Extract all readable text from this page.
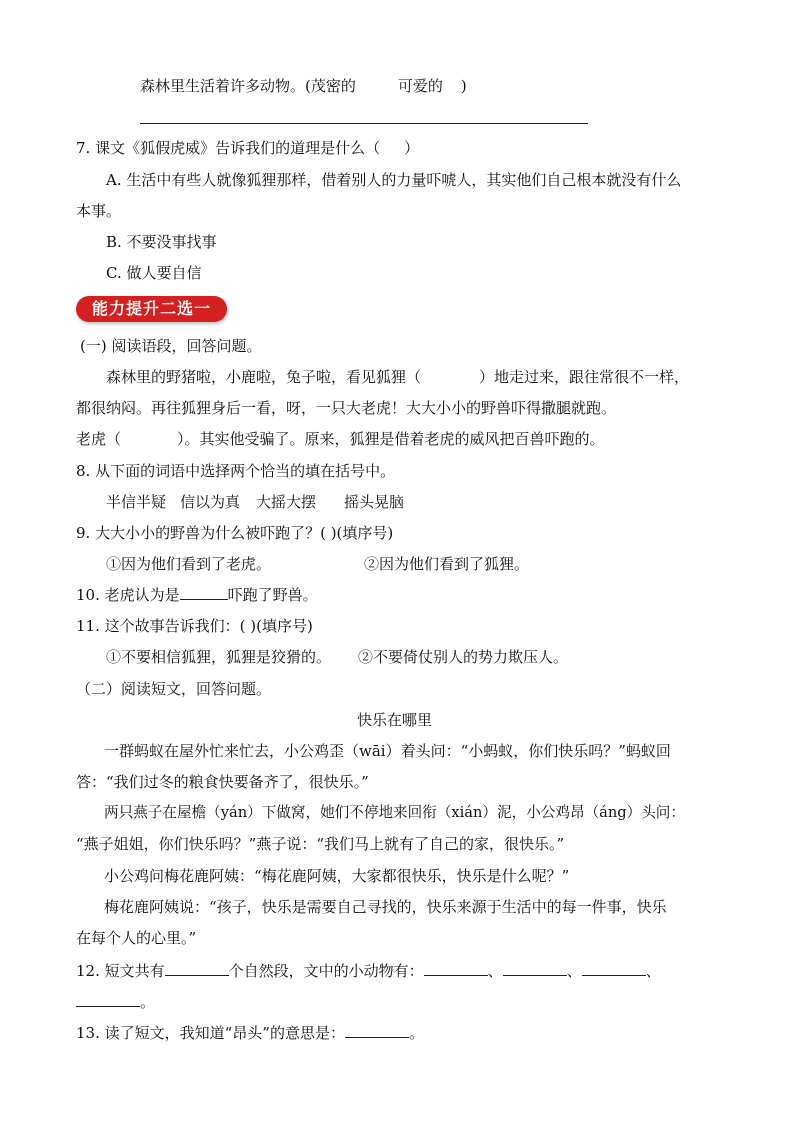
森林里生活着许多动物。(茂密的	可爱的 )
7. 课文《狐假虎威》告诉我们的道理是什么（ ）
A. 生活中有些人就像狐狸那样，借着别人的力量吓唬人，其实他们自己根本就没有什么
本事。
B. 不要没事找事
C. 做人要自信
能力提升二选一
(一) 阅读语段，回答问题。
森林里的野猪啦，小鹿啦，兔子啦，看见狐狸（	）地走过来，跟往常很不一样，
都很纳闷。再往狐狸身后一看，呀，一只大老虎！大大小小的野兽吓得撒腿就跑。
老虎（	）。其实他受骗了。原来，狐狸是借着老虎的威风把百兽吓跑的。
8. 从下面的词语中选择两个恰当的填在括号中。
半信半疑 信以为真 大摇大摆 摇头晃脑
9. 大大小小的野兽为什么被吓跑了？( )(填序号)
①因为他们看到了老虎。	②因为他们看到了狐狸。
10. 老虎认为是	吓跑了野兽。
11. 这个故事告诉我们：( )(填序号)
①不要相信狐狸，狐狸是狡猾的。 ②不要倚仗别人的势力欺压人。
（二）阅读短文，回答问题。
快乐在哪里
一群蚂蚁在屋外忙来忙去，小公鸡歪（wāi）着头问：“小蚂蚁，你们快乐吗？”蚂蚁回
答：“我们过冬的粮食快要备齐了，很快乐。”
两只燕子在屋檐（yán）下做窝，她们不停地来回衔（xián）泥，小公鸡昂（áng）头问：
“燕子姐姐，你们快乐吗？”燕子说：“我们马上就有了自己的家，很快乐。”
小公鸡问梅花鹿阿姨：“梅花鹿阿姨，大家都很快乐，快乐是什么呢？”
梅花鹿阿姨说：“孩子，快乐是需要自己寻找的，快乐来源于生活中的每一件事，快乐
在每个人的心里。”
12. 短文共有	个自然段，文中的小动物有：	、	、	、
。
13. 读了短文，我知道“昂头”的意思是：	。
